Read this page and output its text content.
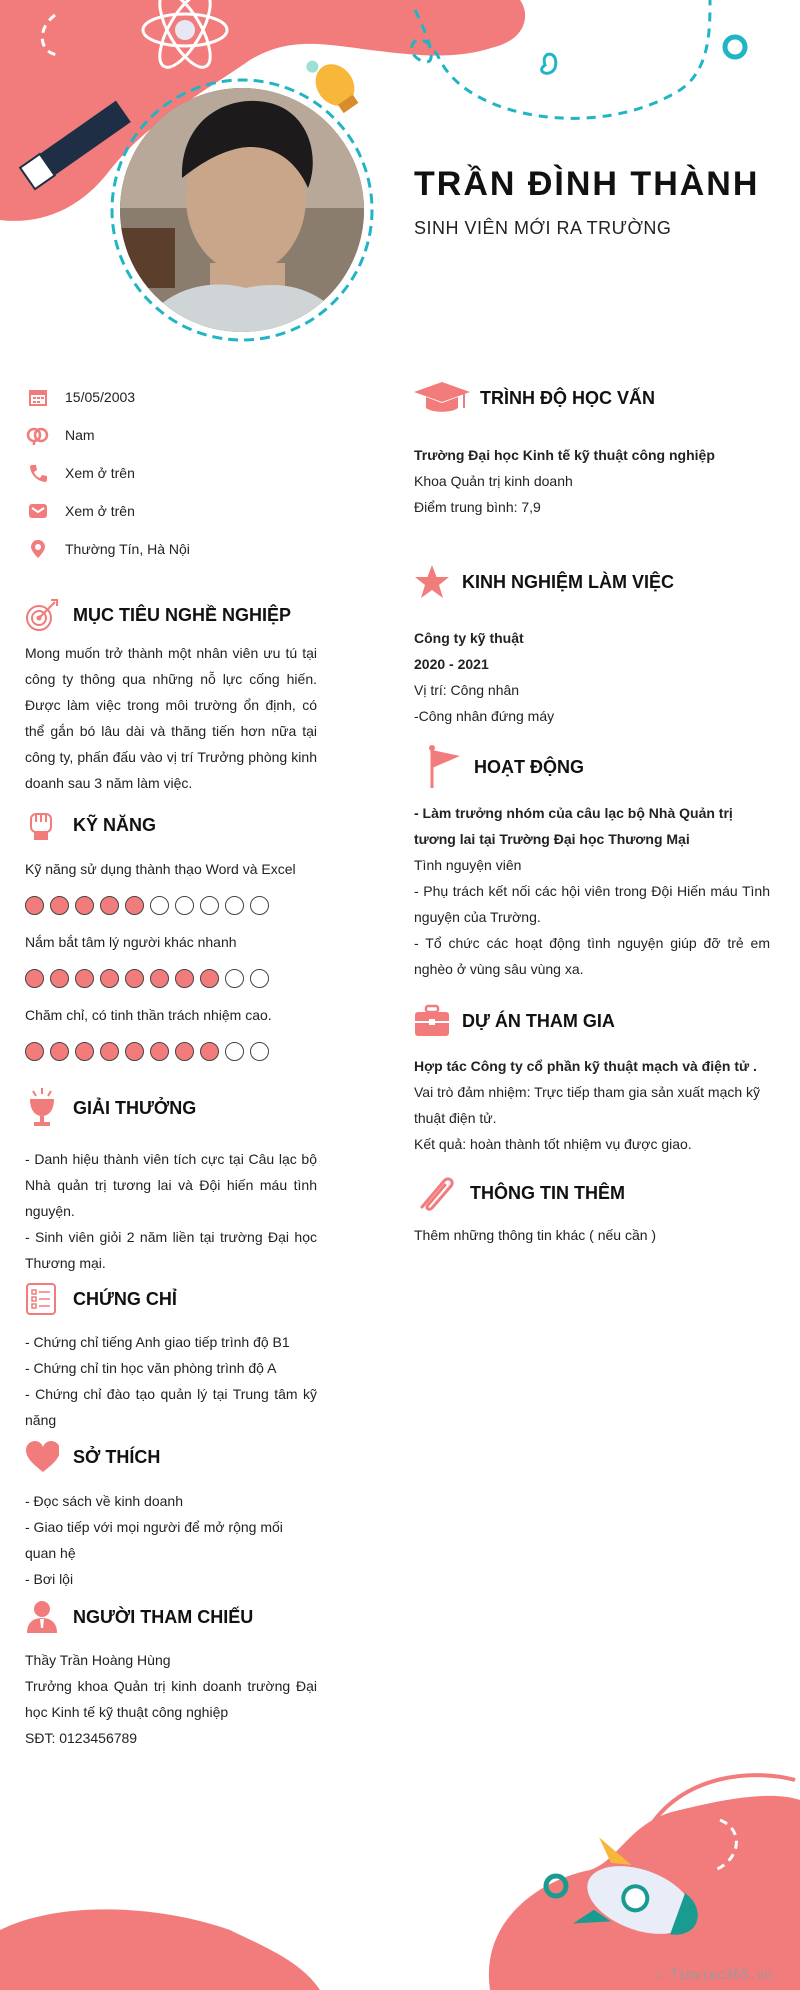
TRẦN ĐÌNH THÀNH
SINH VIÊN MỚI RA TRƯỜNG
15/05/2003
Nam
Xem ở trên
Xem ở trên
Thường Tín, Hà Nội
MỤC TIÊU NGHỀ NGHIỆP
Mong muốn trở thành một nhân viên ưu tú tại công ty thông qua những nỗ lực cống hiến. Được làm việc trong môi trường ổn định, có thể gắn bó lâu dài và thăng tiến hơn nữa tại công ty, phấn đấu vào vị trí Trưởng phòng kinh doanh sau 3 năm làm việc.
KỸ NĂNG
Kỹ năng sử dụng thành thạo Word và Excel
Nắm bắt tâm lý người khác nhanh
Chăm chỉ, có tinh thần trách nhiệm cao.
GIẢI THƯỞNG

- Danh hiệu thành viên tích cực tại Câu lạc bộ Nhà quản trị tương lai và Đội hiến máu tình nguyện.

- Sinh viên giỏi 2 năm liền tại trường Đại học Thương mại.

CHỨNG CHỈ

- Chứng chỉ tiếng Anh giao tiếp trình độ B1

- Chứng chỉ tin học văn phòng trình độ A

- Chứng chỉ đào tạo quản lý tại Trung tâm kỹ năng

SỞ THÍCH

- Đọc sách về kinh doanh

- Giao tiếp với mọi người để mở rộng mối quan hệ

- Bơi lội

NGƯỜI THAM CHIẾU

Thầy Trần Hoàng Hùng

Trưởng khoa Quản trị kinh doanh trường Đại học Kinh tế kỹ thuật công nghiệp

SĐT: 0123456789

TRÌNH ĐỘ HỌC VẤN

Trường Đại học Kinh tế kỹ thuật công nghiệp

Khoa Quản trị kinh doanh

Điểm trung bình: 7,9

KINH NGHIỆM LÀM VIỆC

Công ty kỹ thuật

2020 - 2021

Vị trí: Công nhân

-Công nhân đứng máy

HOẠT ĐỘNG

- Làm trưởng nhóm của câu lạc bộ Nhà Quản trị tương lai tại Trường Đại học Thương Mại

Tình nguyện viên

- Phụ trách kết nối các hội viên trong Đội Hiến máu Tình nguyện của Trường.

- Tổ chức các hoạt động tình nguyện giúp đỡ trẻ em nghèo ở vùng sâu vùng xa.

DỰ ÁN THAM GIA

Hợp tác Công ty cổ phần kỹ thuật mạch và điện tử .

Vai trò đảm nhiệm: Trực tiếp tham gia sản xuất mạch kỹ thuật điện tử.

Kết quả: hoàn thành tốt nhiệm vụ được giao.

THÔNG TIN THÊM
Thêm những thông tin khác ( nếu cần )
∴ Timviec365.vn
